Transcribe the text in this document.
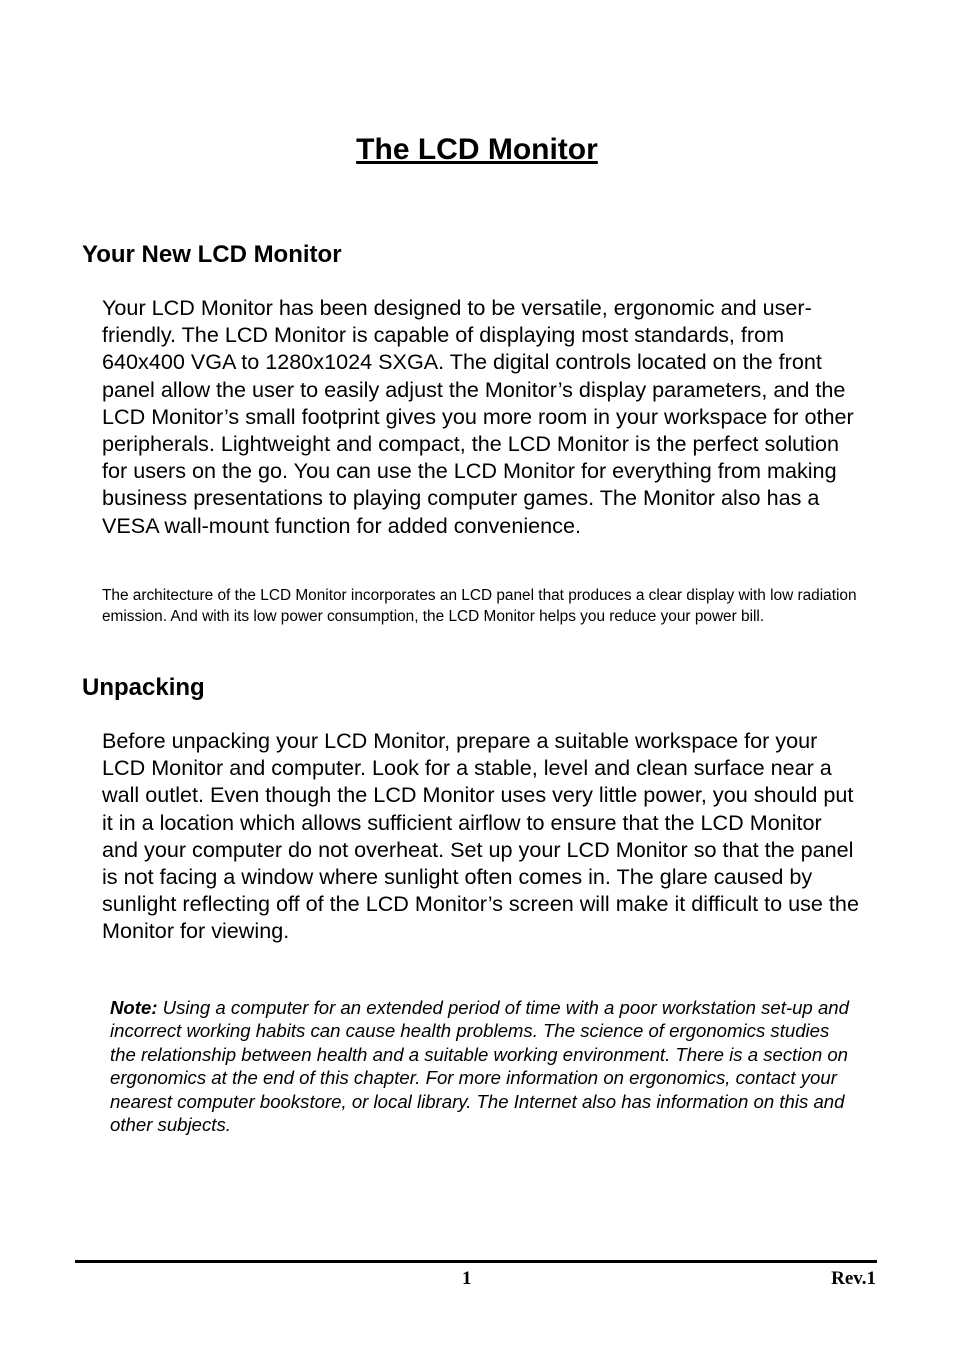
The LCD Monitor
Your New LCD Monitor

Your LCD Monitor has been designed to be versatile, ergonomic and user-friendly. The LCD Monitor is capable of displaying most standards, from 640x400 VGA to 1280x1024 SXGA. The digital controls located on the front panel allow the user to easily adjust the Monitor’s display parameters, and the LCD Monitor’s small footprint gives you more room in your workspace for other peripherals. Lightweight and compact, the LCD Monitor is the perfect solution for users on the go. You can use the LCD Monitor for everything from making business presentations to playing computer games. The Monitor also has a VESA wall-mount function for added convenience.

The architecture of the LCD Monitor incorporates an LCD panel that produces a clear display with low radiation emission. And with its low power consumption, the LCD Monitor helps you reduce your power bill.

Unpacking

Before unpacking your LCD Monitor, prepare a suitable workspace for your LCD Monitor and computer. Look for a stable, level and clean surface near a wall outlet. Even though the LCD Monitor uses very little power, you should put it in a location which allows sufficient airflow to ensure that the LCD Monitor and your computer do not overheat. Set up your LCD Monitor so that the panel is not facing a window where sunlight often comes in. The glare caused by sunlight reflecting off of the LCD Monitor’s screen will make it difficult to use the Monitor for viewing.

Note: Using a computer for an extended period of time with a poor workstation set-up and incorrect working habits can cause health problems. The science of ergonomics studies the relationship between health and a suitable working environment. There is a section on ergonomics at the end of this chapter. For more information on ergonomics, contact your nearest computer bookstore, or local library. The Internet also has information on this and other subjects.

1	Rev.1
